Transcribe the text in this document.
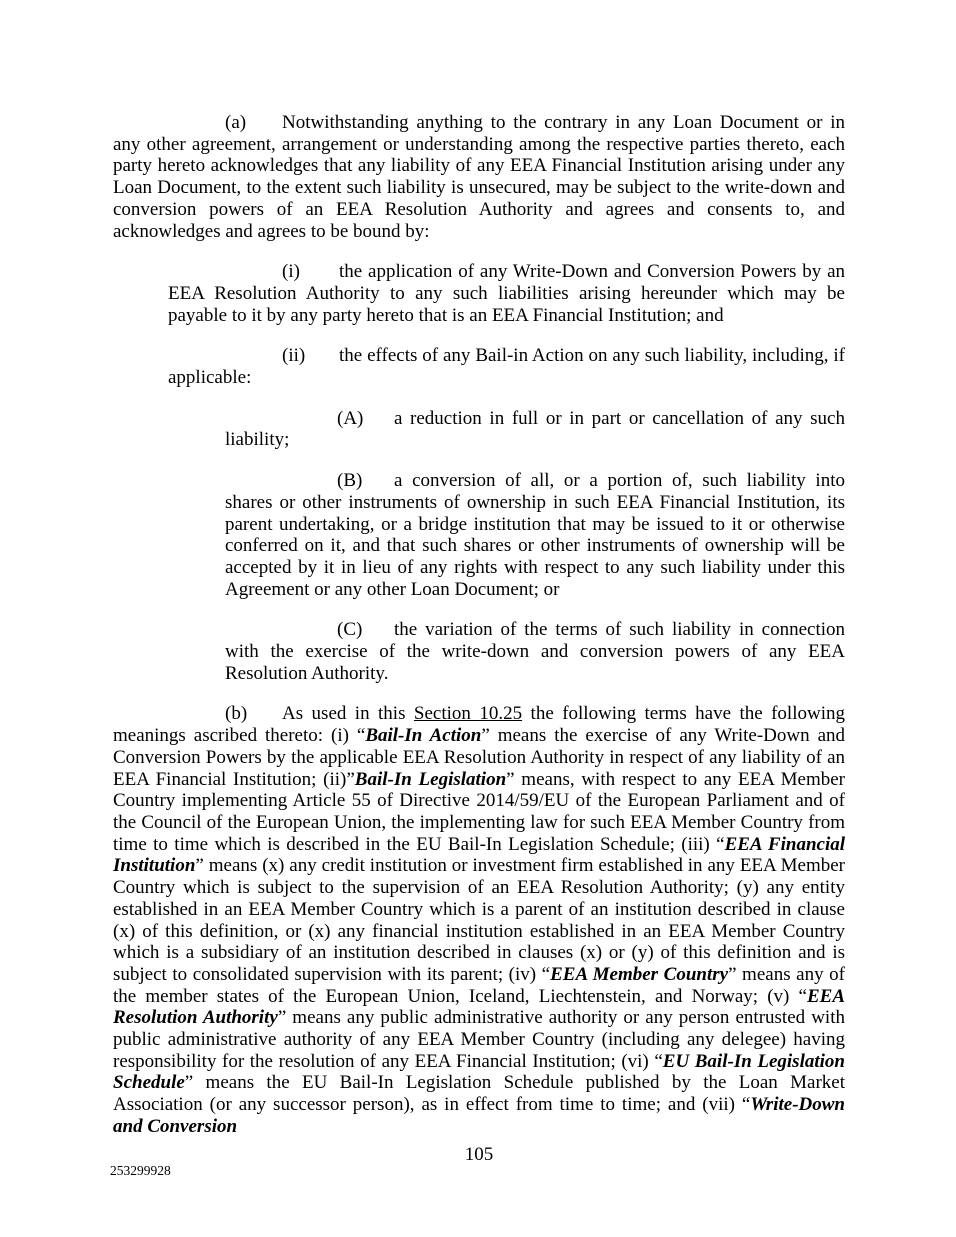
(a) Notwithstanding anything to the contrary in any Loan Document or in any other agreement, arrangement or understanding among the respective parties thereto, each party hereto acknowledges that any liability of any EEA Financial Institution arising under any Loan Document, to the extent such liability is unsecured, may be subject to the write-down and conversion powers of an EEA Resolution Authority and agrees and consents to, and acknowledges and agrees to be bound by:

(i) the application of any Write-Down and Conversion Powers by an EEA Resolution Authority to any such liabilities arising hereunder which may be payable to it by any party hereto that is an EEA Financial Institution; and

(ii) the effects of any Bail-in Action on any such liability, including, if applicable:

(A) a reduction in full or in part or cancellation of any such liability;

(B) a conversion of all, or a portion of, such liability into shares or other instruments of ownership in such EEA Financial Institution, its parent undertaking, or a bridge institution that may be issued to it or otherwise conferred on it, and that such shares or other instruments of ownership will be accepted by it in lieu of any rights with respect to any such liability under this Agreement or any other Loan Document; or

(C) the variation of the terms of such liability in connection with the exercise of the write-down and conversion powers of any EEA Resolution Authority.

(b) As used in this Section 10.25 the following terms have the following meanings ascribed thereto: (i) “Bail-In Action” means the exercise of any Write-Down and Conversion Powers by the applicable EEA Resolution Authority in respect of any liability of an EEA Financial Institution; (ii)”Bail-In Legislation” means, with respect to any EEA Member Country implementing Article 55 of Directive 2014/59/EU of the European Parliament and of the Council of the European Union, the implementing law for such EEA Member Country from time to time which is described in the EU Bail-In Legislation Schedule; (iii) “EEA Financial Institution” means (x) any credit institution or investment firm established in any EEA Member Country which is subject to the supervision of an EEA Resolution Authority; (y) any entity established in an EEA Member Country which is a parent of an institution described in clause (x) of this definition, or (x) any financial institution established in an EEA Member Country which is a subsidiary of an institution described in clauses (x) or (y) of this definition and is subject to consolidated supervision with its parent; (iv) “EEA Member Country” means any of the member states of the European Union, Iceland, Liechtenstein, and Norway; (v) “EEA Resolution Authority” means any public administrative authority or any person entrusted with public administrative authority of any EEA Member Country (including any delegee) having responsibility for the resolution of any EEA Financial Institution; (vi) “EU Bail-In Legislation Schedule” means the EU Bail-In Legislation Schedule published by the Loan Market Association (or any successor person), as in effect from time to time; and (vii) “Write-Down and Conversion

105
253299928
